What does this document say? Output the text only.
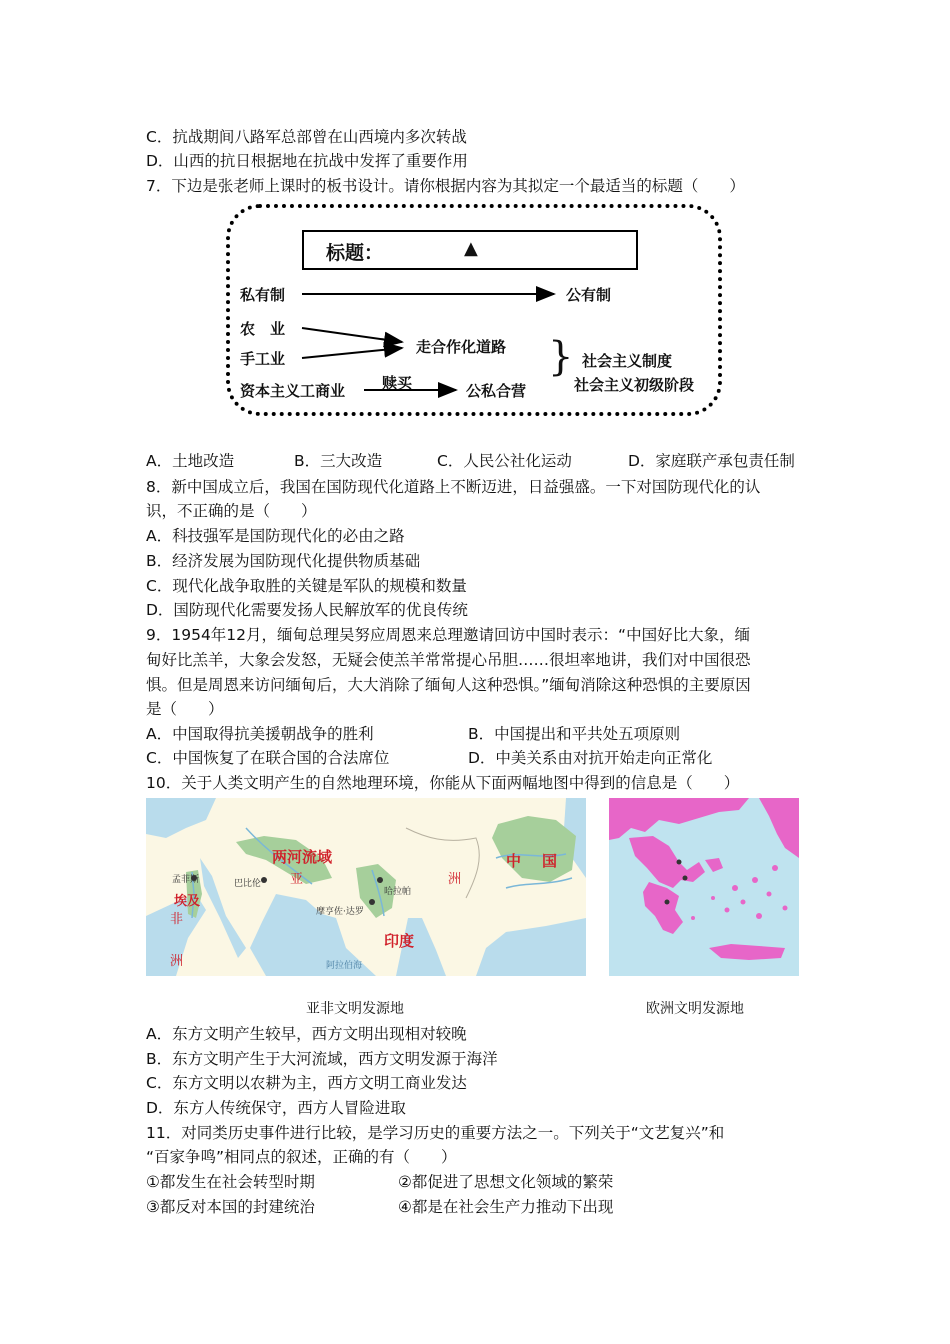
C．抗战期间八路军总部曾在山西境内多次转战
D．山西的抗日根据地在抗战中发挥了重要作用
7．下边是张老师上课时的板书设计。请你根据内容为其拟定一个最适当的标题（　　）
标题：	▲
私有制	公有制
农　业
手工业
资本主义工商业
走合作化道路
赎买	公私合营
} 社会主义制度
社会主义初级阶段
A．土地改造	B．三大改造	C．人民公社化运动	D．家庭联产承包责任制
8．新中国成立后，我国在国防现代化道路上不断迈进，日益强盛。一下对国防现代化的认
识，不正确的是（　　）
A．科技强军是国防现代化的必由之路
B．经济发展为国防现代化提供物质基础
C．现代化战争取胜的关键是军队的规模和数量
D．国防现代化需要发扬人民解放军的优良传统
9．1954年12月，缅甸总理吴努应周恩来总理邀请回访中国时表示：“中国好比大象，缅
甸好比羔羊，大象会发怒，无疑会使羔羊常常提心吊胆……很坦率地讲，我们对中国很恐
惧。但是周恩来访问缅甸后，大大消除了缅甸人这种恐惧。”缅甸消除这种恐惧的主要原因
是（　　）
A．中国取得抗美援朝战争的胜利	B．中国提出和平共处五项原则
C．中国恢复了在联合国的合法席位	D．中美关系由对抗开始走向正常化
10．关于人类文明产生的自然地理环境，你能从下面两幅地图中得到的信息是（　　）
两河流域
亚	洲
中 国
印度
埃及
非
洲
巴比伦
摩亨佐·达罗
哈拉帕
孟菲斯
阿拉伯海
亚非文明发源地	欧洲文明发源地
A．东方文明产生较早，西方文明出现相对较晚
B．东方文明产生于大河流域，西方文明发源于海洋
C．东方文明以农耕为主，西方文明工商业发达
D．东方人传统保守，西方人冒险进取
11．对同类历史事件进行比较，是学习历史的重要方法之一。下列关于“文艺复兴”和
“百家争鸣”相同点的叙述，正确的有（　　）
①都发生在社会转型时期	②都促进了思想文化领域的繁荣
③都反对本国的封建统治	④都是在社会生产力推动下出现
